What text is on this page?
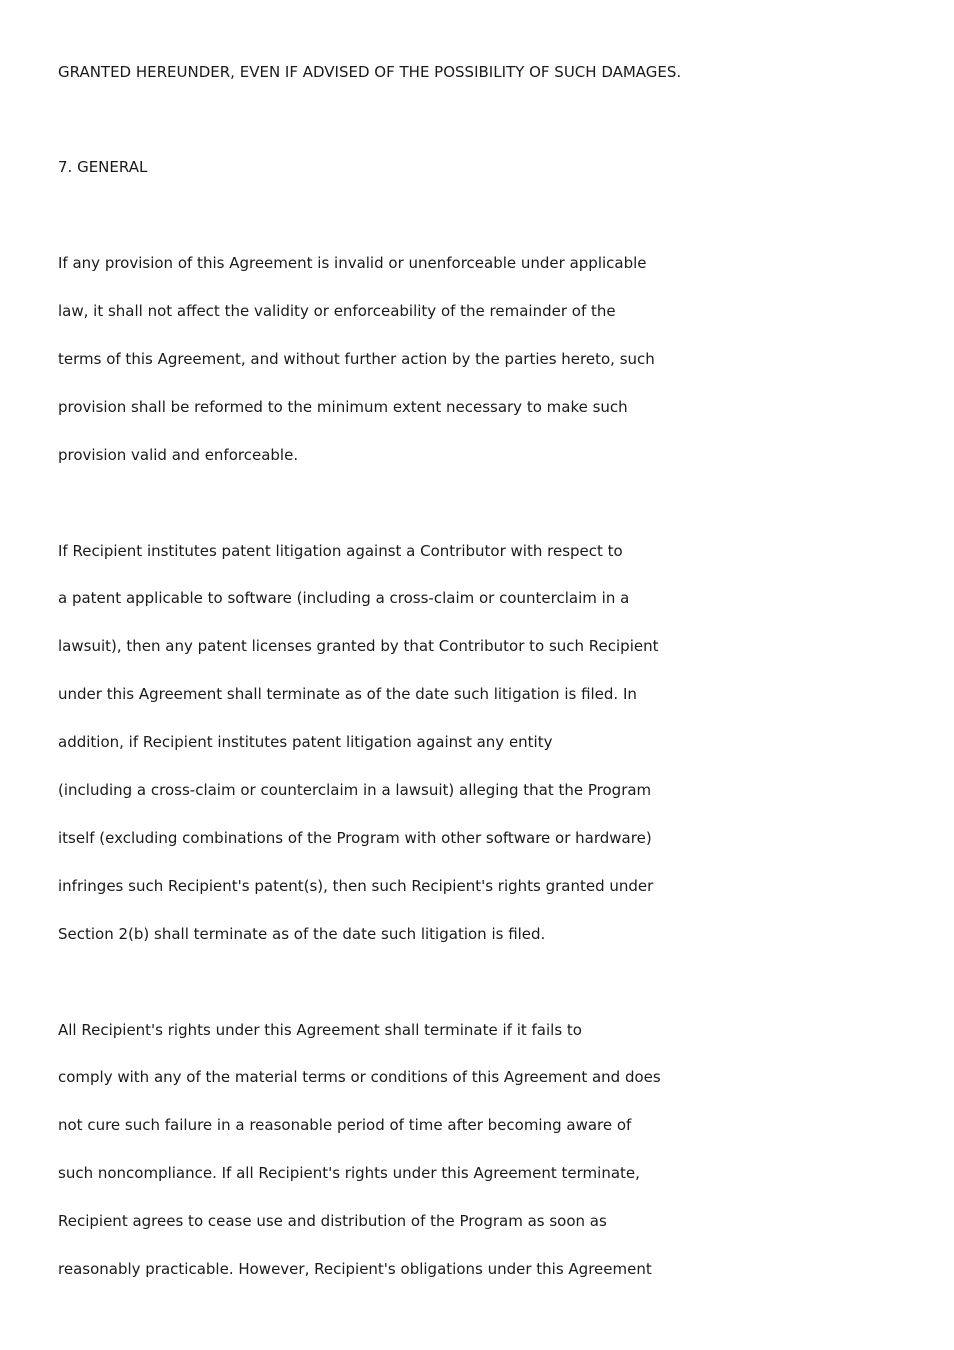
GRANTED HEREUNDER, EVEN IF ADVISED OF THE POSSIBILITY OF SUCH DAMAGES.

7. GENERAL

If any provision of this Agreement is invalid or unenforceable under applicable

law, it shall not affect the validity or enforceability of the remainder of the

terms of this Agreement, and without further action by the parties hereto, such

provision shall be reformed to the minimum extent necessary to make such

provision valid and enforceable.

If Recipient institutes patent litigation against a Contributor with respect to

a patent applicable to software (including a cross-claim or counterclaim in a

lawsuit), then any patent licenses granted by that Contributor to such Recipient

under this Agreement shall terminate as of the date such litigation is filed. In

addition, if Recipient institutes patent litigation against any entity

(including a cross-claim or counterclaim in a lawsuit) alleging that the Program

itself (excluding combinations of the Program with other software or hardware)

infringes such Recipient's patent(s), then such Recipient's rights granted under

Section 2(b) shall terminate as of the date such litigation is filed.

All Recipient's rights under this Agreement shall terminate if it fails to

comply with any of the material terms or conditions of this Agreement and does

not cure such failure in a reasonable period of time after becoming aware of

such noncompliance. If all Recipient's rights under this Agreement terminate,

Recipient agrees to cease use and distribution of the Program as soon as

reasonably practicable. However, Recipient's obligations under this Agreement
